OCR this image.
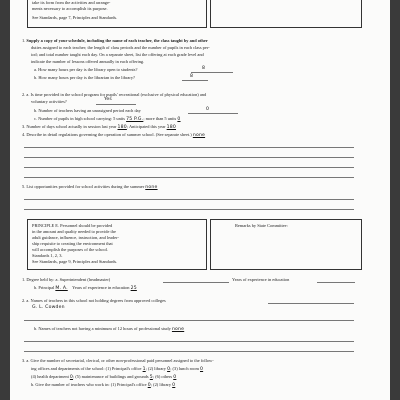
take its form from the activities and arrange-
ments necessary to accomplish its purpose.
See Standards, page 7, Principles and Standards.
1. Supply a copy of your schedule, including the name of each teacher, the class taught by and other
duties assigned to each teacher; the length of class periods and the number of pupils in each class per-
iod; and total number taught each day. On a separate sheet, list the offering at each grade level and
indicate the number of lessons offered annually in each offering.
a. How many hours per day is the library open to students?	8
b. How many hours per day is the librarian in the library?	8
2. a. Is time provided in the school program for pupils' recreational (exclusive of physical education) and
voluntary activities?	Yes
b. Number of teachers having an unassigned period each day	0
c. Number of pupils in high school carrying: 5 units 75 P.G.; more than 5 units 0
3. Number of days school actually in session last year 180; Anticipated this year 180
4. Describe in detail regulations governing the operation of summer school. (See separate sheet.) none
5. List opportunities provided for school activities during the summer none
PRINCIPLE E. Personnel should be provided
in the amount and quality needed to provide the
adult guidance, influence, instruction, and leader-
ship requisite to creating the environment that
will accomplish the purposes of the school.
Standards 1, 2, 3.
See Standards, page 9, Principles and Standards.
Remarks by State Committee:
1. Degree held by: a. Superintendent (headmaster)	Years of experience in education
b. Principal M. A. Years of experience in education 25
2. a. Names of teachers in this school not holding degrees from approved colleges
G. L. Cowden
b. Names of teachers not having a minimum of 12 hours of professional study none
3. a. Give the number of secretarial, clerical, or other non-professional paid personnel assigned to the follow-
ing offices and departments of the school: (1) Principal's office 1; (2) library 0; (3) lunch room 0
(4) health department 0; (5) maintenance of buildings and grounds 5; (6) others 0
b. Give the number of teachers who work in: (1) Principal's office 0; (2) library 0
